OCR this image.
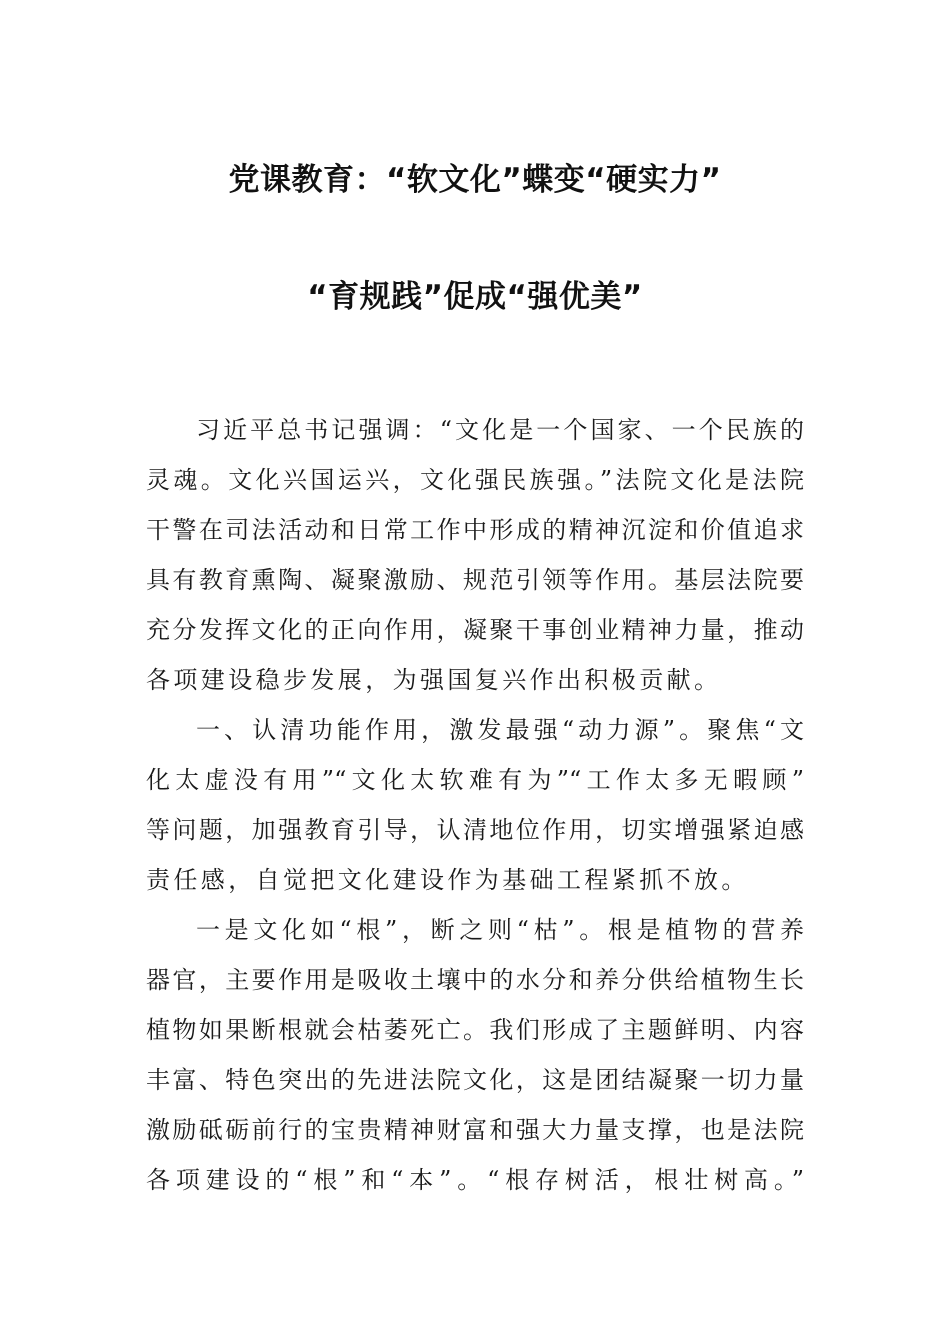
党课教育：“软文化”蝶变“硬实力”
“育规践”促成“强优美”
习近平总书记强调：“文化是一个国家、一个民族的
灵魂。文化兴国运兴，文化强民族强。”法院文化是法院
干警在司法活动和日常工作中形成的精神沉淀和价值追求
具有教育熏陶、凝聚激励、规范引领等作用。基层法院要
充分发挥文化的正向作用，凝聚干事创业精神力量，推动
各项建设稳步发展，为强国复兴作出积极贡献。
一、认清功能作用，激发最强“动力源”。聚焦“文
化太虚没有用”“文化太软难有为”“工作太多无暇顾”
等问题，加强教育引导，认清地位作用，切实增强紧迫感
责任感，自觉把文化建设作为基础工程紧抓不放。
一是文化如“根”，断之则“枯”。根是植物的营养
器官，主要作用是吸收土壤中的水分和养分供给植物生长
植物如果断根就会枯萎死亡。我们形成了主题鲜明、内容
丰富、特色突出的先进法院文化，这是团结凝聚一切力量
激励砥砺前行的宝贵精神财富和强大力量支撑，也是法院
各项建设的“根”和“本”。“根存树活，根壮树高。”
